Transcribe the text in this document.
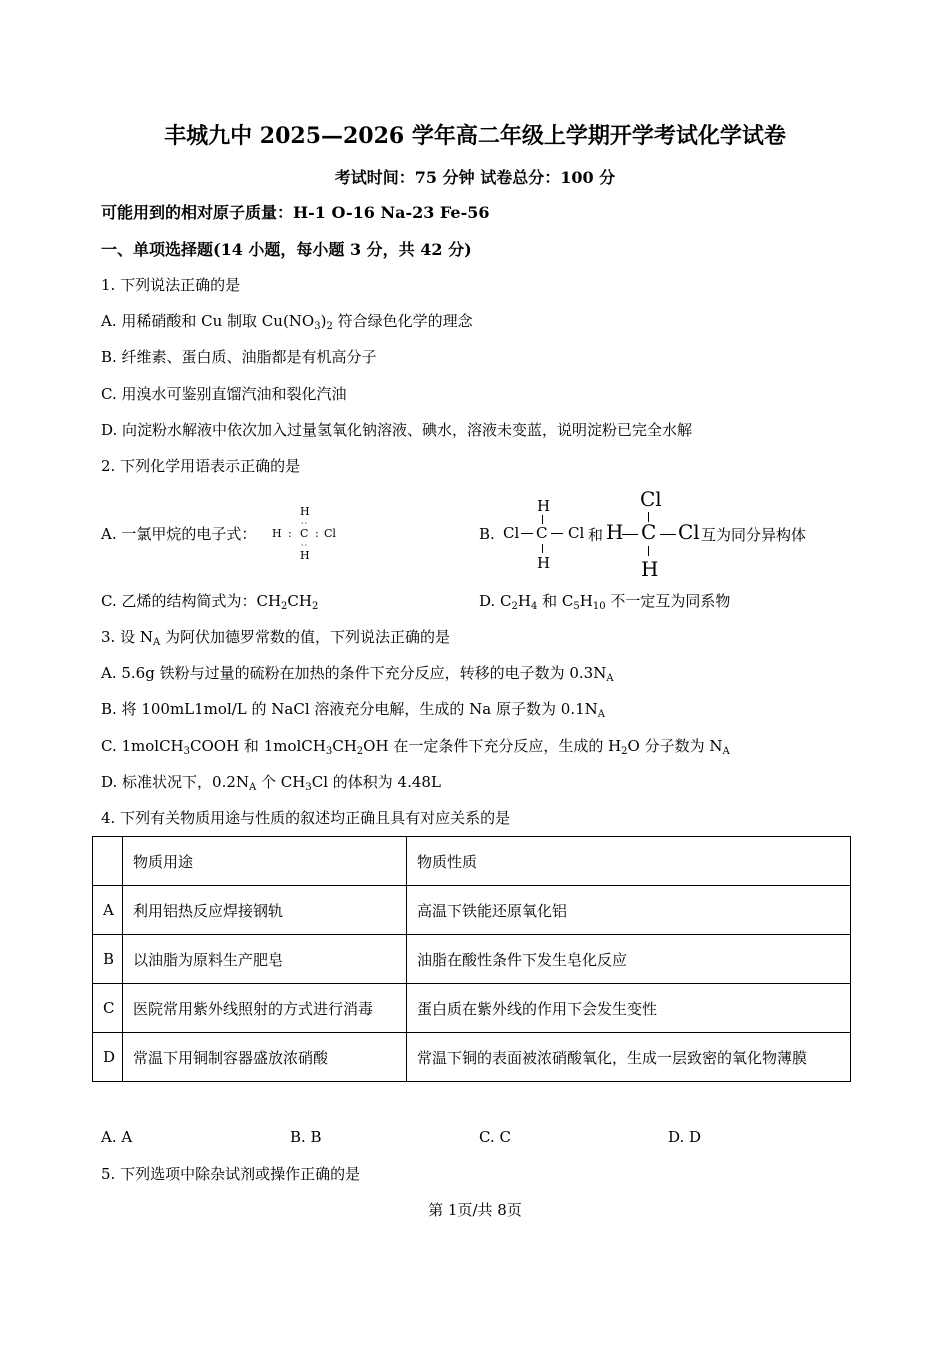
丰城九中 2025—2026 学年高二年级上学期开学考试化学试卷
考试时间：75 分钟 试卷总分：100 分
可能用到的相对原子质量：H-1 O-16 Na-23 Fe-56
一、单项选择题(14 小题，每小题 3 分，共 42 分)
1. 下列说法正确的是
A. 用稀硝酸和 Cu 制取 $Cu(NO_3)_2$ 符合绿色化学的理念
B. 纤维素、蛋白质、油脂都是有机高分子
C. 用溴水可鉴别直馏汽油和裂化汽油
D. 向淀粉水解液中依次加入过量氢氧化钠溶液、碘水，溶液未变蓝，说明淀粉已完全水解
2. 下列化学用语表示正确的是
A. 一氯甲烷的电子式： H : C : Cl
H
H
··
··
B. Cl C Cl
H
H
和 H C Cl
Cl
H
互为同分异构体
C. 乙烯的结构简式为：$CH_2CH_2$	D. $C_2H_4$ 和 $C_5H_{10}$ 不一定互为同系物
3. 设 $N_A$ 为阿伏加德罗常数的值，下列说法正确的是
A. 5.6g 铁粉与过量的硫粉在加热的条件下充分反应，转移的电子数为 $0.3N_A$
B. 将 100mL1mol/L 的 NaCl 溶液充分电解，生成的 Na 原子数为 $0.1N_A$
C. 1molCH$_3$COOH 和 $1molCH_3CH_2OH$ 在一定条件下充分反应，生成的 $H_2O$ 分子数为 $N_A$
D. 标准状况下，$0.2N_A$ 个 $CH_3Cl$ 的体积为 4.48L
4. 下列有关物质用途与性质的叙述均正确且具有对应关系的是
	物质用途	物质性质
A	利用铝热反应焊接钢轨	高温下铁能还原氧化铝
B	以油脂为原料生产肥皂	油脂在酸性条件下发生皂化反应
C	医院常用紫外线照射的方式进行消毒	蛋白质在紫外线的作用下会发生变性
D	常温下用铜制容器盛放浓硝酸	常温下铜的表面被浓硝酸氧化，生成一层致密的氧化物薄膜
A. A	B. B	C. C	D. D
5. 下列选项中除杂试剂或操作正确的是
第 1页/共 8页
